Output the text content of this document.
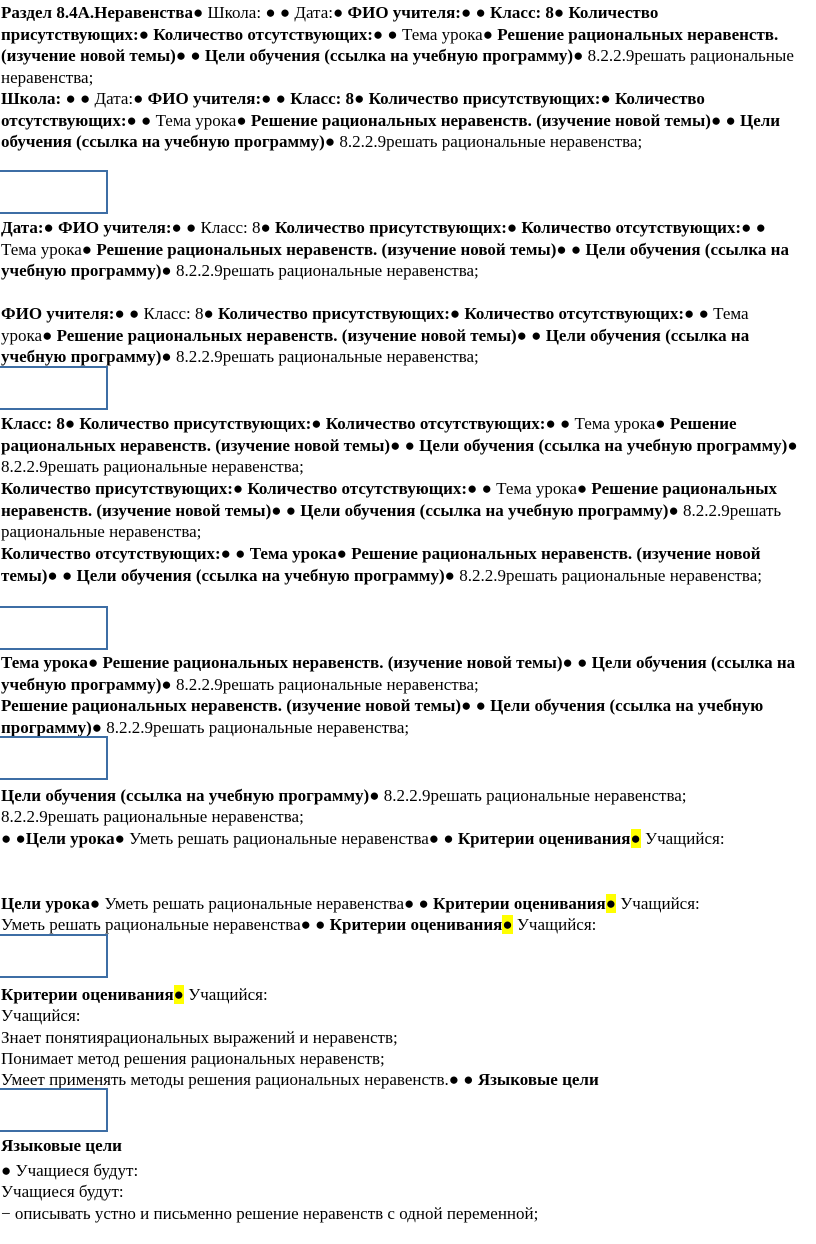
Раздел 8.4А.Неравенства● Школа: ● ● Дата:● ФИО учителя:● ● Класс: 8● Количество присутствующих:● Количество отсутствующих:● ● Тема урока● Решение рациональных неравенств. (изучение новой темы)● ● Цели обучения (ссылка на учебную программу)● 8.2.2.9решать рациональные неравенства;

Школа: ● ● Дата:● ФИО учителя:● ● Класс: 8● Количество присутствующих:● Количество отсутствующих:● ● Тема урока● Решение рациональных неравенств. (изучение новой темы)● ● Цели обучения (ссылка на учебную программу)● 8.2.2.9решать рациональные неравенства;

Дата:● ФИО учителя:● ● Класс: 8● Количество присутствующих:● Количество отсутствующих:● ● Тема урока● Решение рациональных неравенств. (изучение новой темы)● ● Цели обучения (ссылка на учебную программу)● 8.2.2.9решать рациональные неравенства;

ФИО учителя:● ● Класс: 8● Количество присутствующих:● Количество отсутствующих:● ● Тема урока● Решение рациональных неравенств. (изучение новой темы)● ● Цели обучения (ссылка на учебную программу)● 8.2.2.9решать рациональные неравенства;

Класс: 8● Количество присутствующих:● Количество отсутствующих:● ● Тема урока● Решение рациональных неравенств. (изучение новой темы)● ● Цели обучения (ссылка на учебную программу)● 8.2.2.9решать рациональные неравенства;

Количество присутствующих:● Количество отсутствующих:● ● Тема урока● Решение рациональных неравенств. (изучение новой темы)● ● Цели обучения (ссылка на учебную программу)● 8.2.2.9решать рациональные неравенства;

Количество отсутствующих:● ● Тема урока● Решение рациональных неравенств. (изучение новой темы)● ● Цели обучения (ссылка на учебную программу)● 8.2.2.9решать рациональные неравенства;

Тема урока● Решение рациональных неравенств. (изучение новой темы)● ● Цели обучения (ссылка на учебную программу)● 8.2.2.9решать рациональные неравенства;

Решение рациональных неравенств. (изучение новой темы)● ● Цели обучения (ссылка на учебную программу)● 8.2.2.9решать рациональные неравенства;

Цели обучения (ссылка на учебную программу)● 8.2.2.9решать рациональные неравенства;

8.2.2.9решать рациональные неравенства;

● ●Цели урока● Уметь решать рациональные неравенства● ● Критерии оценивания● Учащийся:

Цели урока● Уметь решать рациональные неравенства● ● Критерии оценивания● Учащийся:

Уметь решать рациональные неравенства● ● Критерии оценивания● Учащийся:

Критерии оценивания● Учащийся:

Учащийся:

Знает понятиярациональных выражений и неравенств;

Понимает метод решения рациональных неравенств;

Умеет применять методы решения рациональных неравенств.● ● Языковые цели

Языковые цели

● Учащиеся будут:

Учащиеся будут:

− описывать устно и письменно решение неравенств с одной переменной;
